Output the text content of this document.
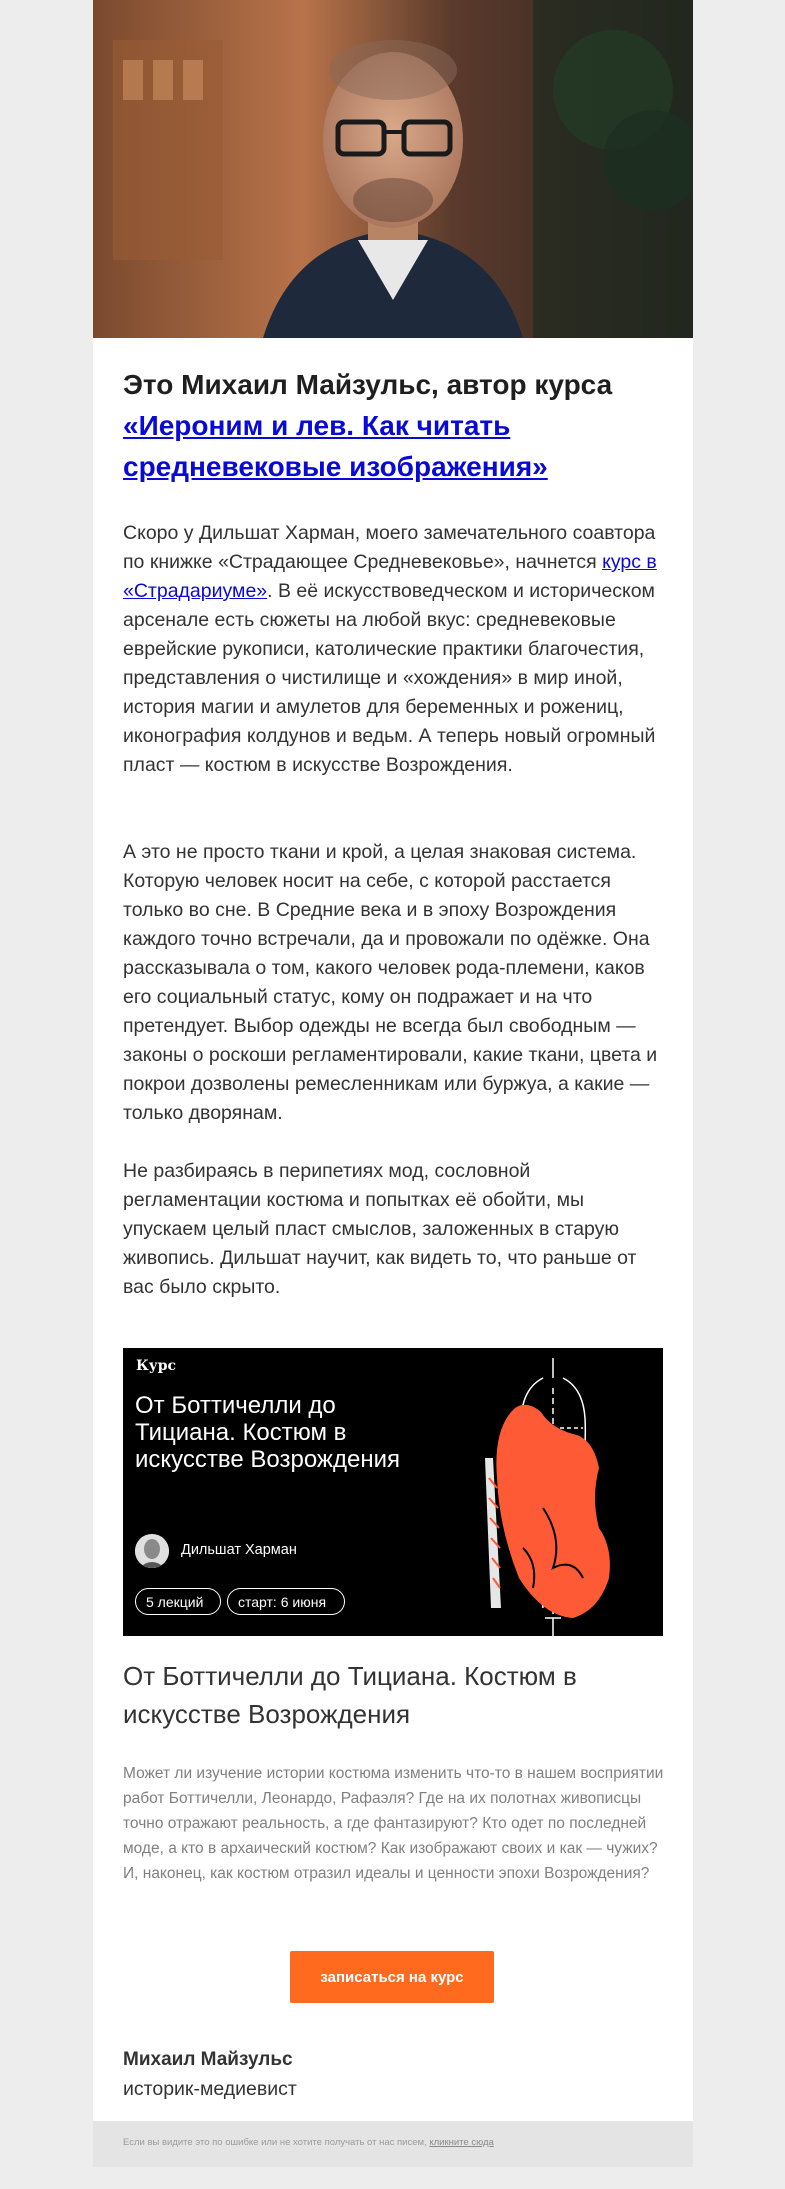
Это Михаил Майзульс, автор курса
«Иероним и лев. Как читать средневековые изображения»

Скоро у Дильшат Харман, моего замечательного соавтора по книжке «Страдающее Средневековье», начнется курс в «Страдариуме». В её искусствоведческом и историческом арсенале есть сюжеты на любой вкус: средневековые еврейские рукописи, католические практики благочестия, представления о чистилище и «хождения» в мир иной, история магии и амулетов для беременных и рожениц, иконография колдунов и ведьм. А теперь новый огромный пласт — костюм в искусстве Возрождения.

А это не просто ткани и крой, а целая знаковая система. Которую человек носит на себе, с которой расстается только во сне. В Средние века и в эпоху Возрождения каждого точно встречали, да и провожали по одёжке. Она рассказывала о том, какого человек рода-племени, каков его социальный статус, кому он подражает и на что претендует. Выбор одежды не всегда был свободным — законы о роскоши регламентировали, какие ткани, цвета и покрои дозволены ремесленникам или буржуа, а какие — только дворянам.

Не разбираясь в перипетиях мод, сословной регламентации костюма и попытках её обойти, мы упускаем целый пласт смыслов, заложенных в старую живопись. Дильшат научит, как видеть то, что раньше от вас было скрыто.

Курс
От Боттичелли до Тициана. Костюм в искусстве Возрождения
Дильшат Харман
5 лекций	старт: 6 июня
От Боттичелли до Тициана. Костюм в искусстве Возрождения

Может ли изучение истории костюма изменить что-то в нашем восприятии работ Боттичелли, Леонардо, Рафаэля? Где на их полотнах живописцы точно отражают реальность, а где фантазируют? Кто одет по последней моде, а кто в архаический костюм? Как изображают своих и как — чужих? И, наконец, как костюм отразил идеалы и ценности эпохи Возрождения?

записаться на курс
Михаил Майзульс
историк-медиевист
Если вы видите это по ошибке или не хотите получать от нас писем, кликните сюда
